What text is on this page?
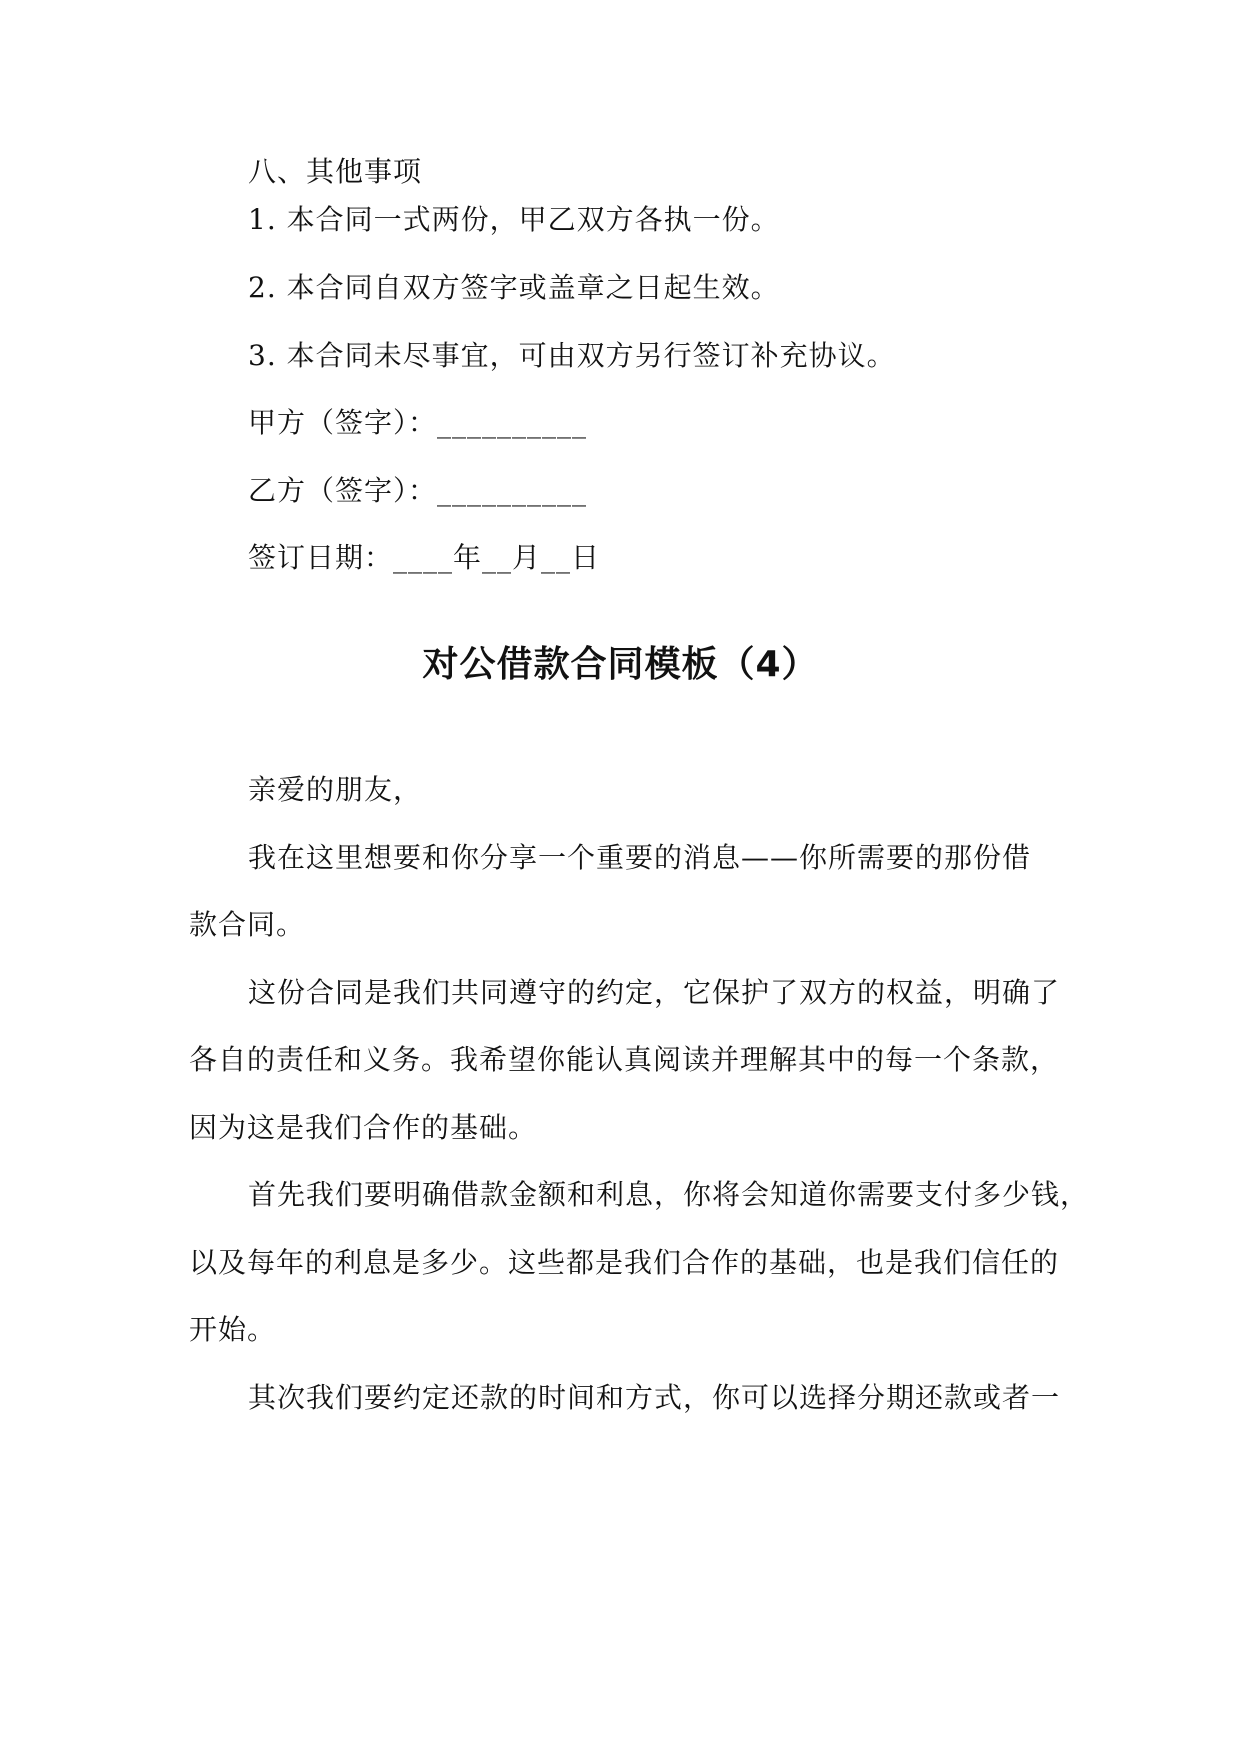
八、其他事项
1. 本合同一式两份，甲乙双方各执一份。
2. 本合同自双方签字或盖章之日起生效。
3. 本合同未尽事宜，可由双方另行签订补充协议。
甲方（签字）：__________
乙方（签字）：__________
签订日期：____年__月__日
对公借款合同模板（4）
亲爱的朋友，
我在这里想要和你分享一个重要的消息——你所需要的那份借
款合同。
这份合同是我们共同遵守的约定，它保护了双方的权益，明确了
各自的责任和义务。我希望你能认真阅读并理解其中的每一个条款，
因为这是我们合作的基础。
首先我们要明确借款金额和利息，你将会知道你需要支付多少钱，
以及每年的利息是多少。这些都是我们合作的基础，也是我们信任的
开始。
其次我们要约定还款的时间和方式，你可以选择分期还款或者一
